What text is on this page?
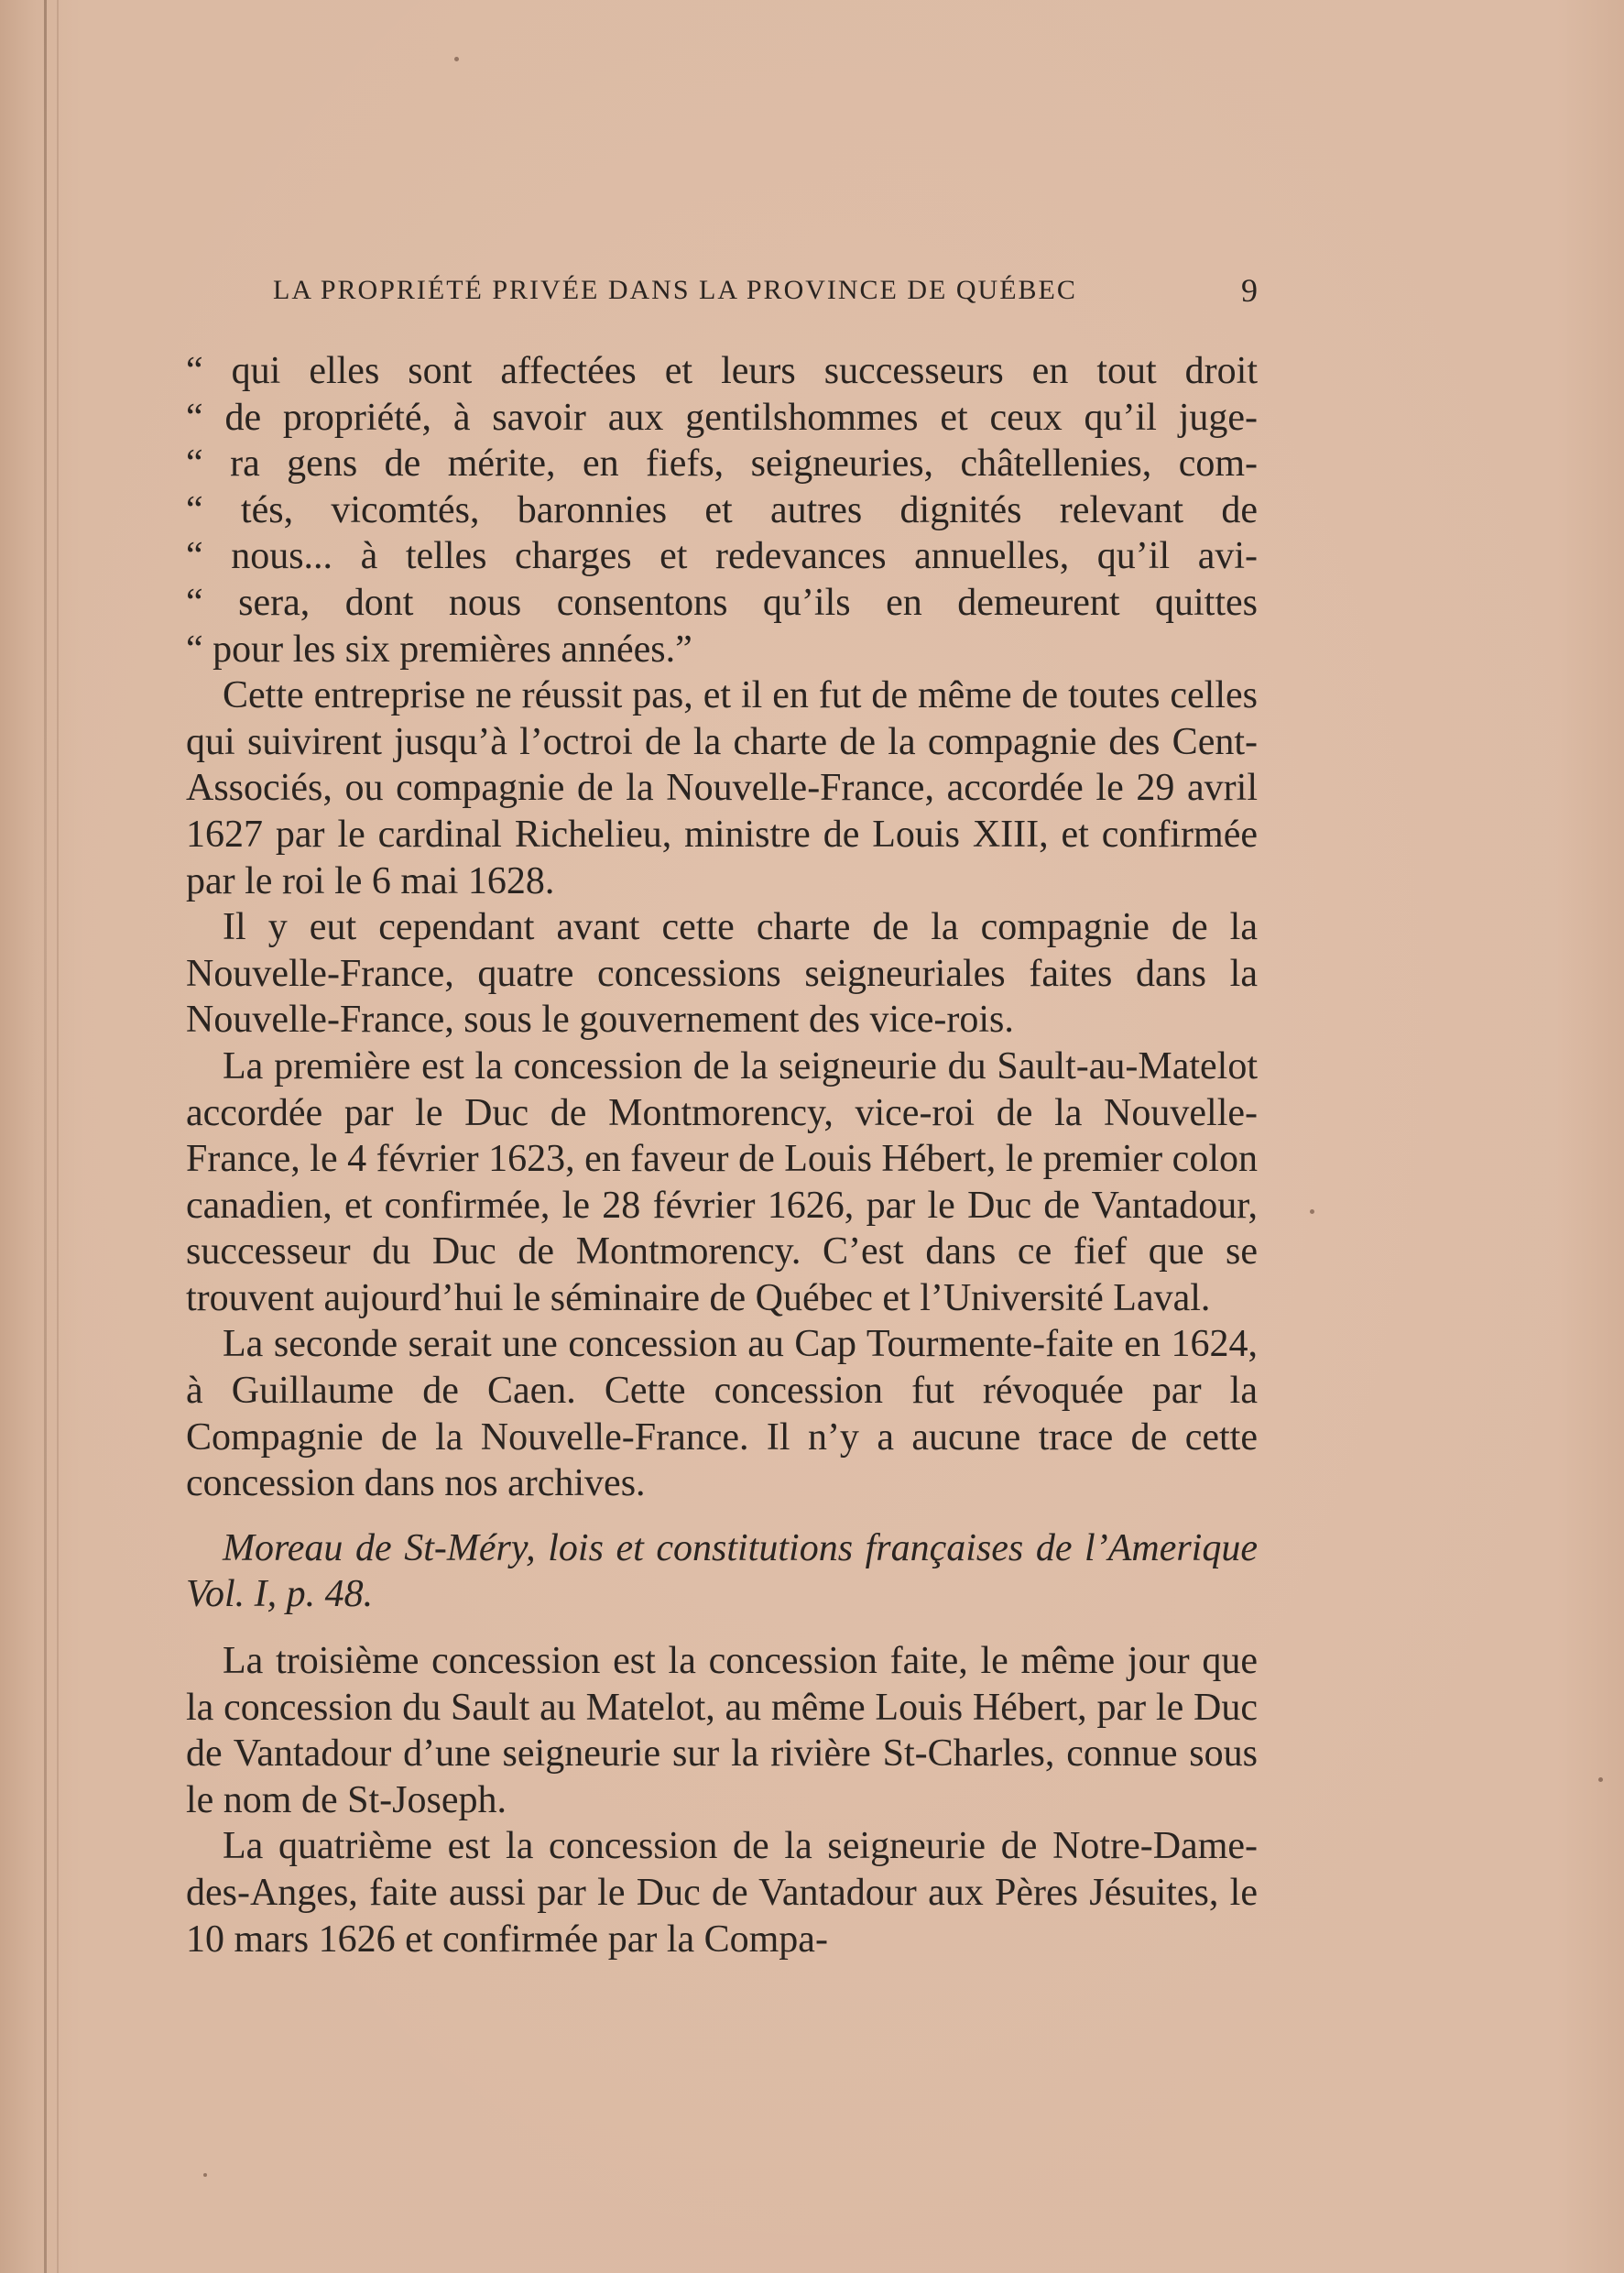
LA PROPRIÉTÉ PRIVÉE DANS LA PROVINCE DE QUÉBEC	9

“ qui elles sont affectées et leurs successeurs en tout droit
“ de propriété, à savoir aux gentilshommes et ceux qu’il juge-
“ ra gens de mérite, en fiefs, seigneuries, châtellenies, com-
“ tés, vicomtés, baronnies et autres dignités relevant de
“ nous... à telles charges et redevances annuelles, qu’il avi-
“ sera, dont nous consentons qu’ils en demeurent quittes
“ pour les six premières années.”

Cette entreprise ne réussit pas, et il en fut de même de toutes celles qui suivirent jusqu’à l’octroi de la charte de la compagnie des Cent-Associés, ou compagnie de la Nouvelle-France, accordée le 29 avril 1627 par le cardinal Richelieu, ministre de Louis XIII, et confirmée par le roi le 6 mai 1628.

Il y eut cependant avant cette charte de la compagnie de la Nouvelle-France, quatre concessions seigneuriales faites dans la Nouvelle-France, sous le gouvernement des vice-rois.

La première est la concession de la seigneurie du Sault-au-Matelot accordée par le Duc de Montmorency, vice-roi de la Nouvelle-France, le 4 février 1623, en faveur de Louis Hébert, le premier colon canadien, et confirmée, le 28 février 1626, par le Duc de Vantadour, successeur du Duc de Montmorency. C’est dans ce fief que se trouvent aujourd’hui le séminaire de Québec et l’Université Laval.

La seconde serait une concession au Cap Tourmente-faite en 1624, à Guillaume de Caen. Cette concession fut révoquée par la Compagnie de la Nouvelle-France. Il n’y a aucune trace de cette concession dans nos archives.

Moreau de St-Méry, lois et constitutions françaises de l’Amerique Vol. I, p. 48.

La troisième concession est la concession faite, le même jour que la concession du Sault au Matelot, au même Louis Hébert, par le Duc de Vantadour d’une seigneurie sur la rivière St-Charles, connue sous le nom de St-Joseph.

La quatrième est la concession de la seigneurie de Notre-Dame-des-Anges, faite aussi par le Duc de Vantadour aux Pères Jésuites, le 10 mars 1626 et confirmée par la Compa-
